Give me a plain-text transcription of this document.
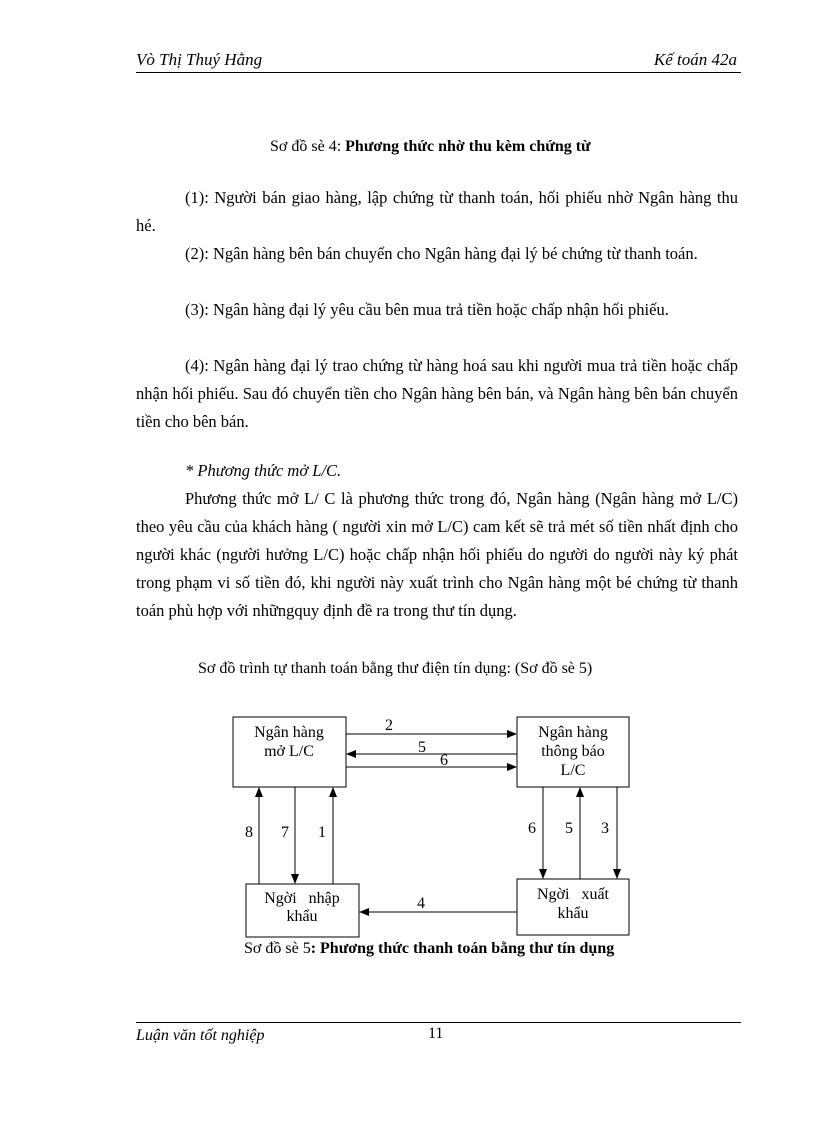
Vò Thị Thuý Hằng	Kế toán 42a
Sơ đồ sè 4: Phương thức nhờ thu kèm chứng từ

(1): Người bán giao hàng, lập chứng từ thanh toán, hối phiếu nhờ Ngân hàng thu hé.

(2): Ngân hàng bên bán chuyển cho Ngân hàng đại lý bé chứng từ thanh toán.

(3): Ngân hàng đại lý yêu cầu bên mua trả tiền hoặc chấp nhận hối phiếu.

(4): Ngân hàng đại lý trao chứng từ hàng hoá sau khi người mua trả tiền hoặc chấp nhận hối phiếu. Sau đó chuyển tiền cho Ngân hàng bên bán, và Ngân hàng bên bán chuyển tiền cho bên bán.

* Phương thức mở L/C.

Phương thức mở L/ C là phương thức trong đó, Ngân hàng (Ngân hàng mở L/C) theo yêu cầu của khách hàng ( người xin mở L/C) cam kết sẽ trả mét số tiền nhất định cho người khác (người hưởng L/C) hoặc chấp nhận hối phiếu do người do người này ký phát trong phạm vi số tiền đó, khi người này xuất trình cho Ngân hàng một bé chứng từ thanh toán phù hợp với nhữngquy định đề ra trong thư tín dụng.

Sơ đồ trình tự thanh toán bằng thư điện tín dụng: (Sơ đồ sè 5)
Ngân hàng
mở L/C
Ngân hàng
thông báo
L/C
Ngời   nhập
khẩu
Ngời   xuất
khẩu
2
5
6
8 7 1	6 5 3
4
Sơ đồ sè 5: Phương thức thanh toán bằng thư tín dụng
Luận văn tốt nghiệp	11
